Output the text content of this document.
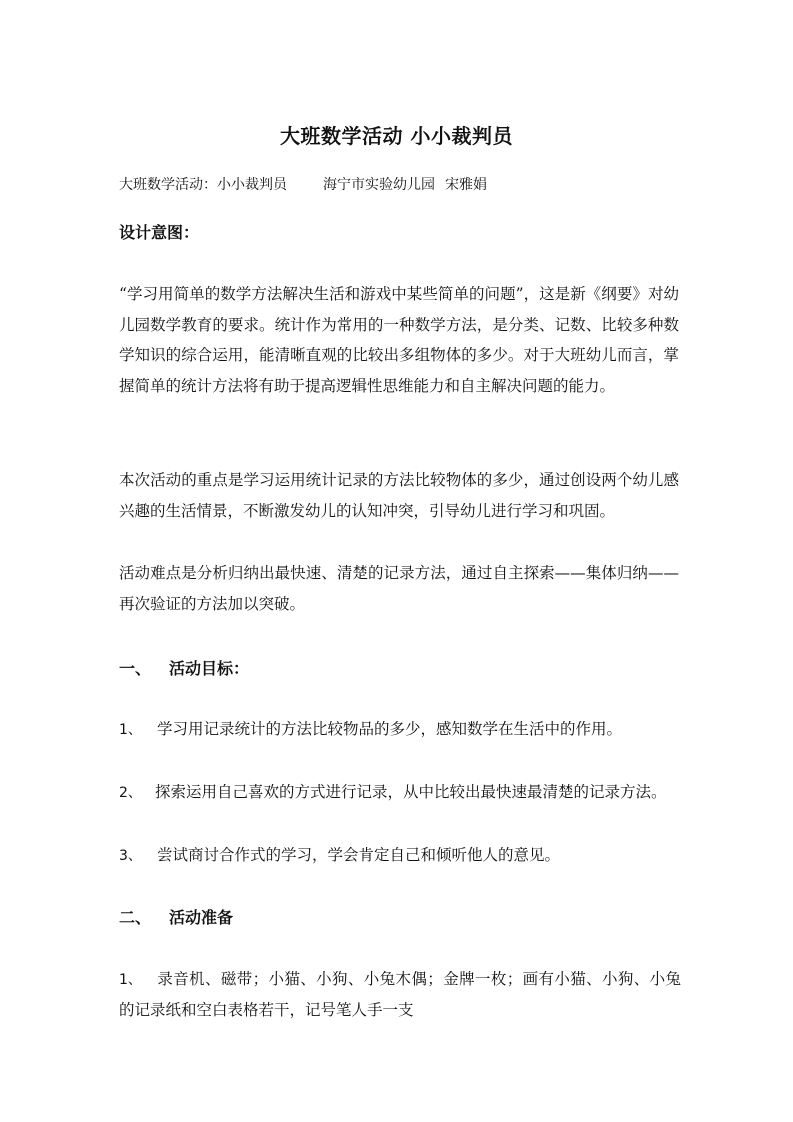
大班数学活动 小小裁判员

大班数学活动：小小裁判员	海宁市实验幼儿园 宋雅娟

设计意图：

“学习用简单的数学方法解决生活和游戏中某些简单的问题”，这是新《纲要》对幼儿园数学教育的要求。统计作为常用的一种数学方法，是分类、记数、比较多种数学知识的综合运用，能清晰直观的比较出多组物体的多少。对于大班幼儿而言，掌握简单的统计方法将有助于提高逻辑性思维能力和自主解决问题的能力。

本次活动的重点是学习运用统计记录的方法比较物体的多少，通过创设两个幼儿感兴趣的生活情景，不断激发幼儿的认知冲突，引导幼儿进行学习和巩固。

活动难点是分析归纳出最快速、清楚的记录方法，通过自主探索——集体归纳——再次验证的方法加以突破。

一、 活动目标：

1、 学习用记录统计的方法比较物品的多少，感知数学在生活中的作用。

2、 探索运用自己喜欢的方式进行记录，从中比较出最快速最清楚的记录方法。

3、 尝试商讨合作式的学习，学会肯定自己和倾听他人的意见。

二、 活动准备

1、 录音机、磁带；小猫、小狗、小兔木偶；金牌一枚；画有小猫、小狗、小兔的记录纸和空白表格若干，记号笔人手一支
